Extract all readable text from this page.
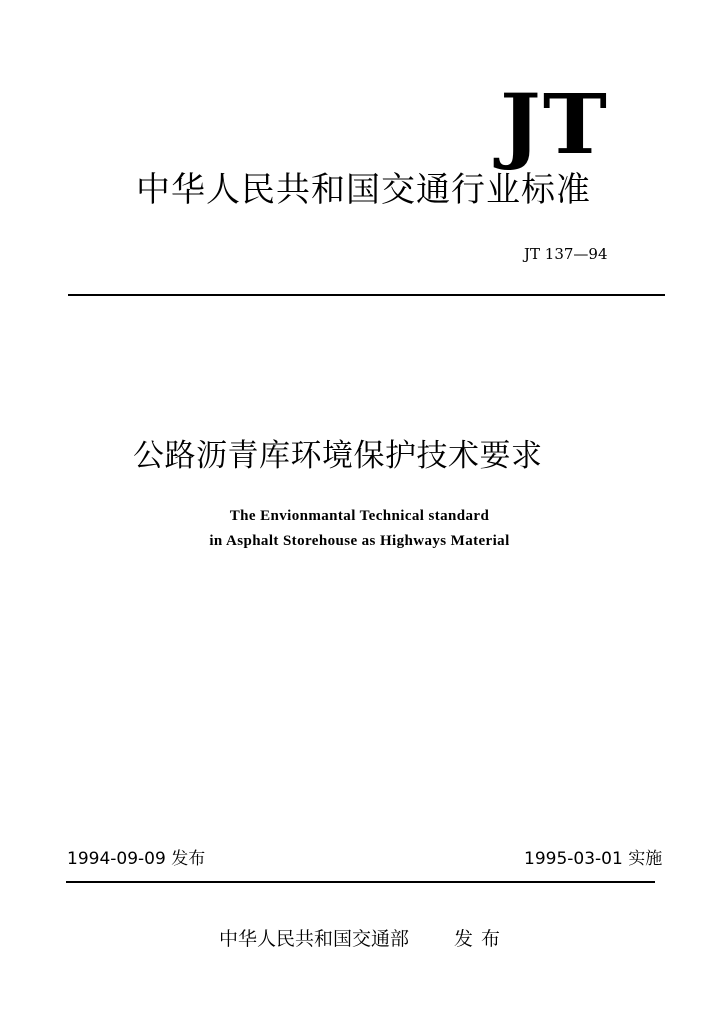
JT
中华人民共和国交通行业标准
JT 137—94
公路沥青库环境保护技术要求
The Envionmantal Technical standard
in Asphalt Storehouse as Highways Material
1994-09-09 发布	1995-03-01 实施
中华人民共和国交通部 发布
